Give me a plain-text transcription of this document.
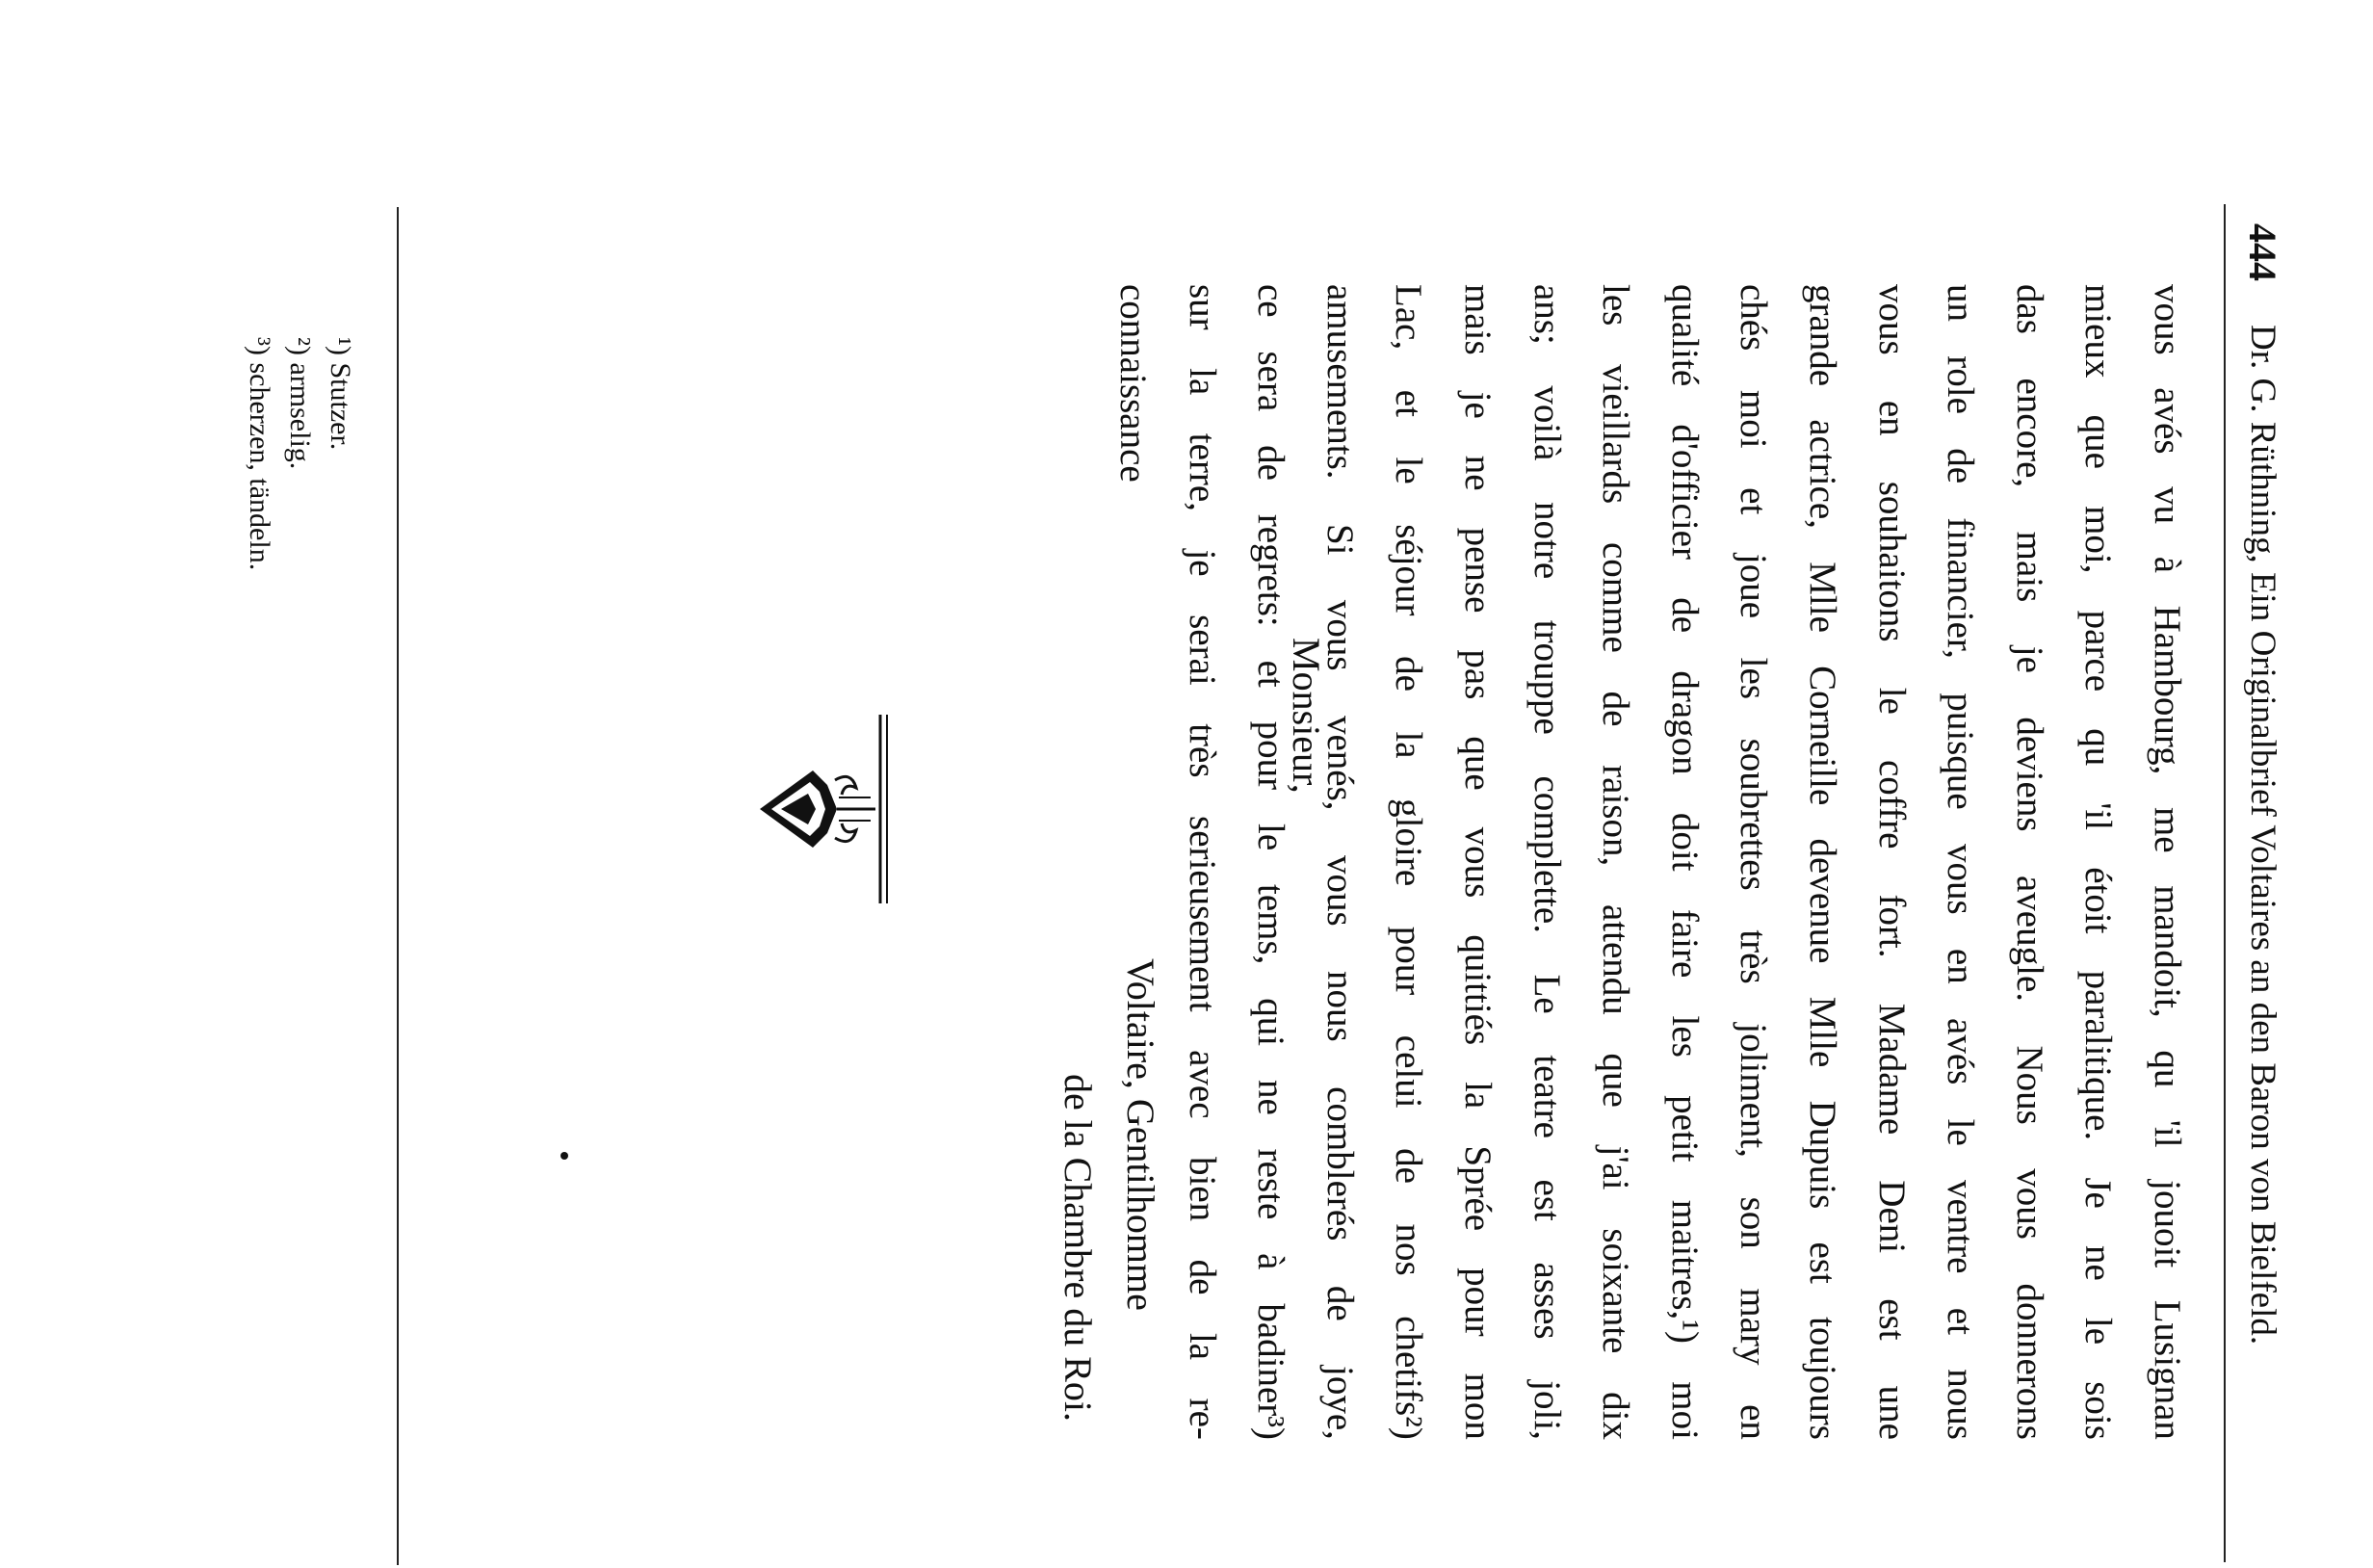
444
Dr. G. Rüthning, Ein Originalbrief Voltaires an den Baron von Bielfeld.
vous
avés
vu
à
Hambourg,
me
mandoit,
qu
'il
jouoit
Lusignan
mieux
que
moi,
parce
qu
'il
étoit
paralitique.
Je
ne
le
sois
das
encore,
mais
je
deviens
aveugle.
Nous
vous
donnerons
un
role
de
financier,
puisque
vous
en
avés
le
ventre
et
nous
vous
en
souhaitons
le
coffre
fort.
Madame
Deni
est
une
grande
actrice,
Mlle
Corneille
devenue
Mlle
Dupuis
est
toujours
chés
moi
et
joue
les
soubrettes
très
joliment,
son
mary
en
qualité
d'officier
de
dragon
doit
faire
les
petit
maitres,¹)
moi
les
vieillards
comme
de
raison,
attendu
que
j'ai
soixante
dix
ans;
voilà
notre
trouppe
complette.
Le
teatre
est
asses
joli,
mais
je
ne
pense
pas
que
vous
quittiés
la
Sprée
pour
mon
Lac,
et
le
séjour
de
la
gloire
pour
celui
de
nos
chetifs²)
amusements.
Si
vous
venés,
vous
nous
comblerés
de
joye,
ce
sera
de
regrets:
et
pour
le
tems,
qui
ne
reste
à
badiner³)
sur
la
terre,
je
serai
très
serieusement
avec
bien
de
la
re-
connaissance
Monsieur,
Voltaire, Gentilhomme
de la Chambre du Roi.
¹) Stutzer.
²) armselig.
³) scherzen, tändeln.
